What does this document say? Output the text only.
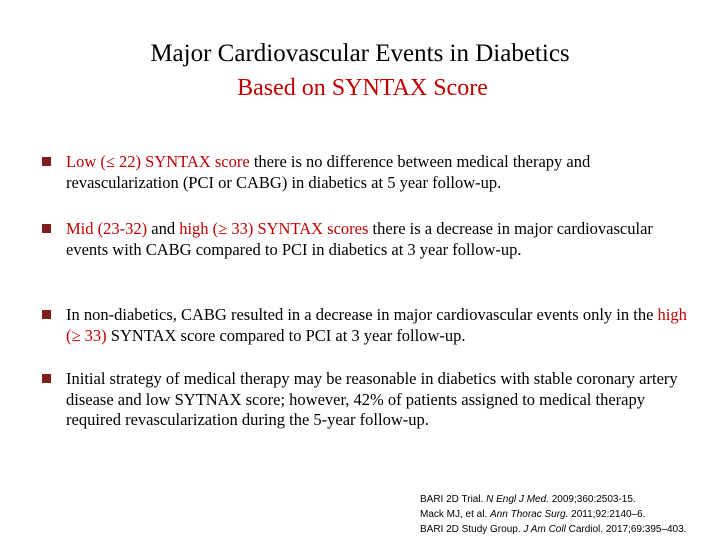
Major Cardiovascular Events in Diabetics
Based on SYNTAX Score
Low (≤ 22) SYNTAX score there is no difference between medical therapy and revascularization (PCI or CABG) in diabetics at 5 year follow-up.
Mid (23-32) and high (≥ 33) SYNTAX scores there is a decrease in major cardiovascular events with CABG compared to PCI in diabetics at 3 year follow-up.
In non-diabetics, CABG resulted in a decrease in major cardiovascular events only in the high (≥ 33) SYNTAX score compared to PCI at 3 year follow-up.
Initial strategy of medical therapy may be reasonable in diabetics with stable coronary artery disease and low SYTNAX score; however, 42% of patients assigned to medical therapy required revascularization during the 5-year follow-up.
BARI 2D Trial. N Engl J Med. 2009;360:2503-15.
Mack MJ, et al. Ann Thorac Surg. 2011;92:2140–6.
BARI 2D Study Group. J Am Coll Cardiol. 2017;69:395–403.
